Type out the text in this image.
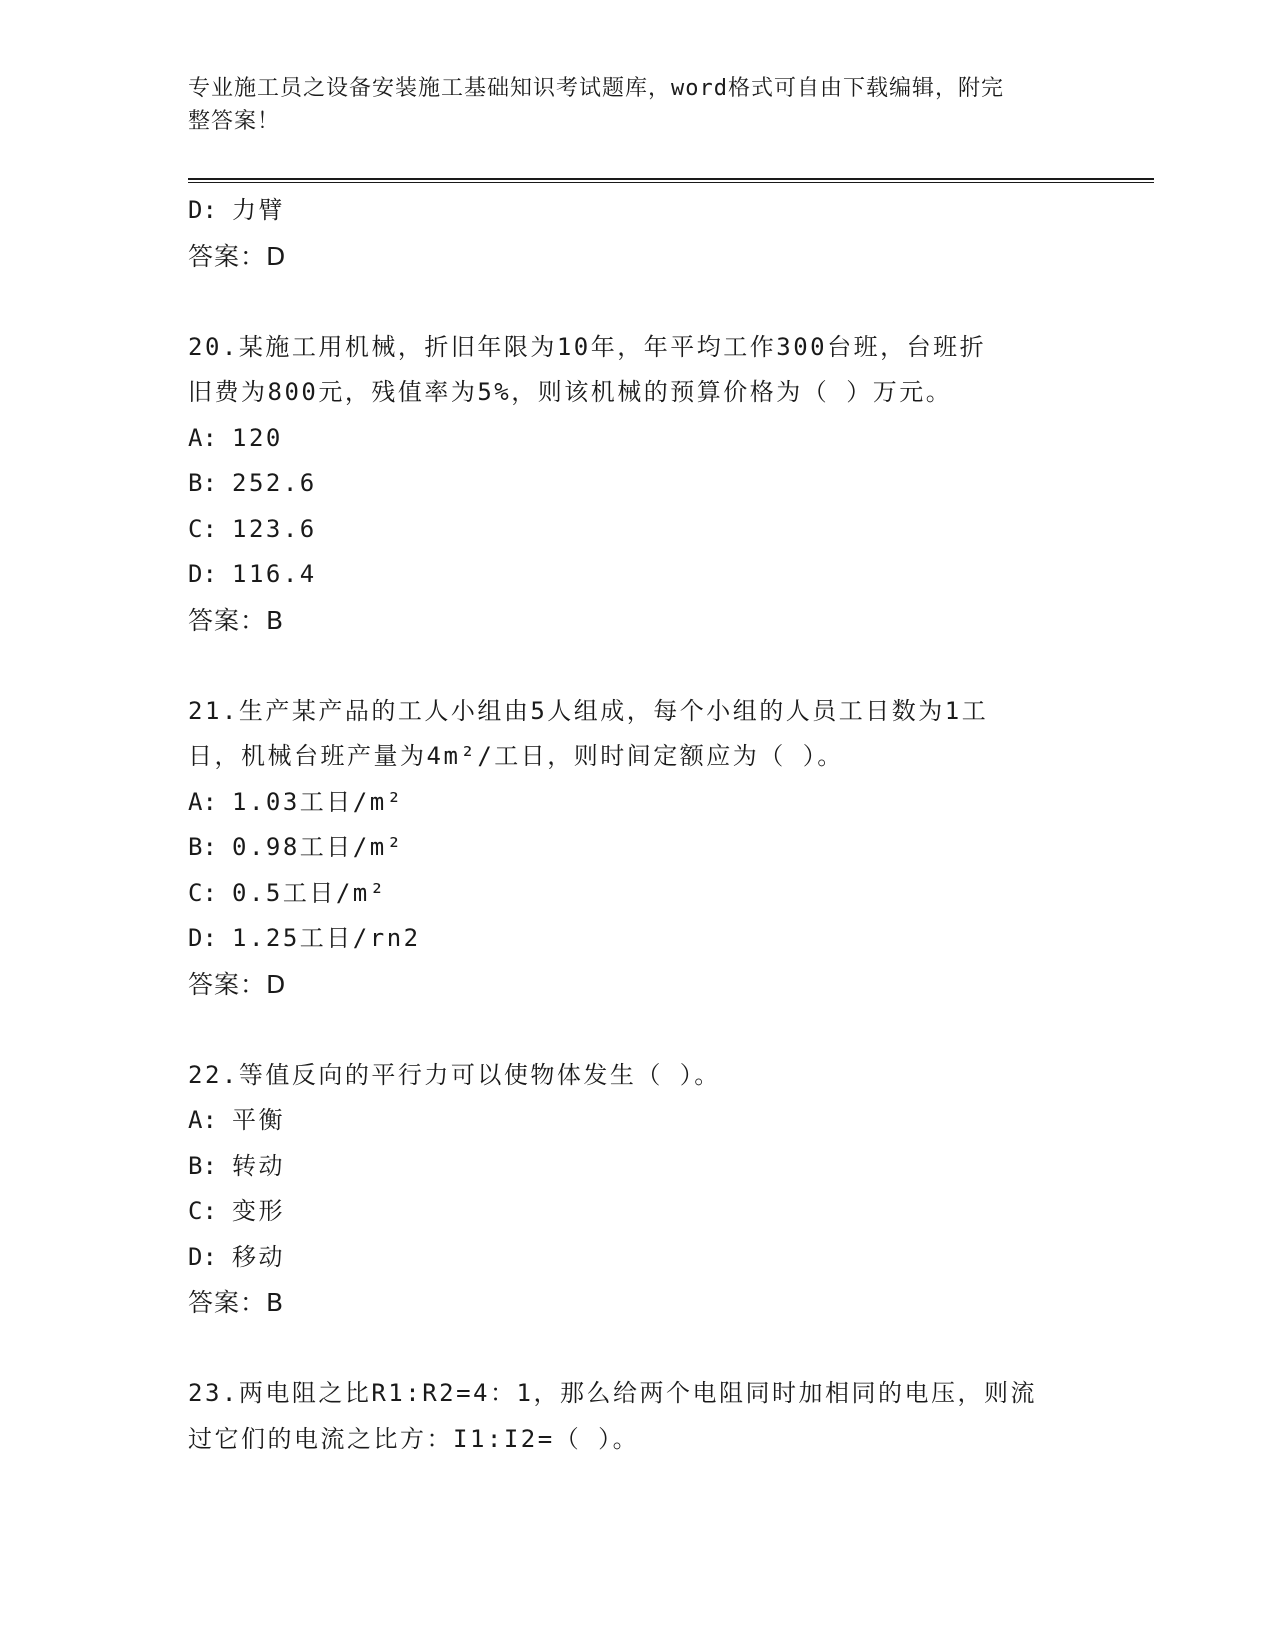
专业施工员之设备安装施工基础知识考试题库，word格式可自由下载编辑，附完
整答案！
D: 力臂
答案：D
20.某施工用机械，折旧年限为10年，年平均工作300台班，台班折
旧费为800元，残值率为5%，则该机械的预算价格为（ ）万元。
A: 120
B: 252.6
C: 123.6
D: 116.4
答案：B
21.生产某产品的工人小组由5人组成，每个小组的人员工日数为1工
日，机械台班产量为4m²/工日，则时间定额应为（ ）。
A: 1.03工日/m²
B: 0.98工日/m²
C: 0.5工日/m²
D: 1.25工日/rn2
答案：D
22.等值反向的平行力可以使物体发生（ ）。
A: 平衡
B: 转动
C: 变形
D: 移动
答案：B
23.两电阻之比R1:R2=4：1，那么给两个电阻同时加相同的电压，则流
过它们的电流之比方：I1:I2=（ ）。
